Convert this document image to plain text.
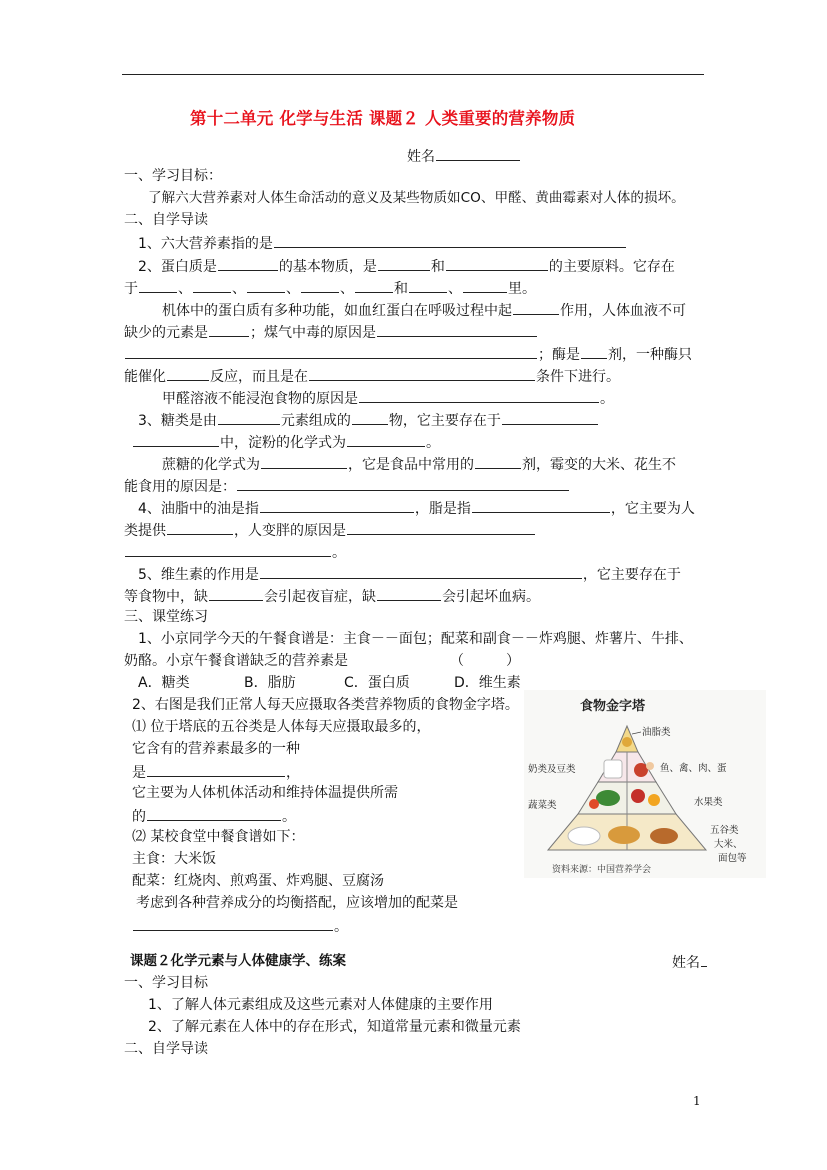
第十二单元 化学与生活 课题２ 人类重要的营养物质
姓名
一、学习目标：
了解六大营养素对人体生命活动的意义及某些物质如CO、甲醛、黄曲霉素对人体的损坏。
二、自学导读
1、六大营养素指的是
2、蛋白质是	的基本物质，是	和	的主要原料。它存在
于	、	、	、	、	和	、	里。
机体中的蛋白质有多种功能，如血红蛋白在呼吸过程中起	作用，人体血液不可
缺少的元素是	；煤气中毒的原因是
；酶是 剂，一种酶只
能催化	反应，而且是在	条件下进行。
甲醛溶液不能浸泡食物的原因是	。
3、糖类是由	元素组成的	物，它主要存在于
中，淀粉的化学式为	。
蔗糖的化学式为	，它是食品中常用的	剂，霉变的大米、花生不
能食用的原因是：
4、油脂中的油是指	，脂是指	，它主要为人
类提供	，人变胖的原因是
。
5、维生素的作用是	，它主要存在于
等食物中，缺	会引起夜盲症，缺	会引起坏血病。
三、课堂练习
1、小京同学今天的午餐食谱是：主食－－面包；配菜和副食－－炸鸡腿、炸薯片、牛排、
奶酪。小京午餐食谱缺乏的营养素是	（　　　）
A．糖类	B．脂肪	C．蛋白质	D．维生素
2、右图是我们正常人每天应摄取各类营养物质的食物金字塔。
⑴ 位于塔底的五谷类是人体每天应摄取最多的，
它含有的营养素最多的一种
是	，
它主要为人体机体活动和维持体温提供所需
的	。
⑵ 某校食堂中餐食谱如下：
主食：大米饭
配菜：红烧肉、煎鸡蛋、炸鸡腿、豆腐汤
考虑到各种营养成分的均衡搭配，应该增加的配菜是
。
食物金字塔
油脂类
奶类及豆类	鱼、禽、肉、蛋
蔬菜类	水果类
五谷类
大米、
面包等
资料来源：中国营养学会
课题２化学元素与人体健康学、练案	姓名
一、学习目标
1、了解人体元素组成及这些元素对人体健康的主要作用
2、了解元素在人体中的存在形式，知道常量元素和微量元素
二、自学导读
1
